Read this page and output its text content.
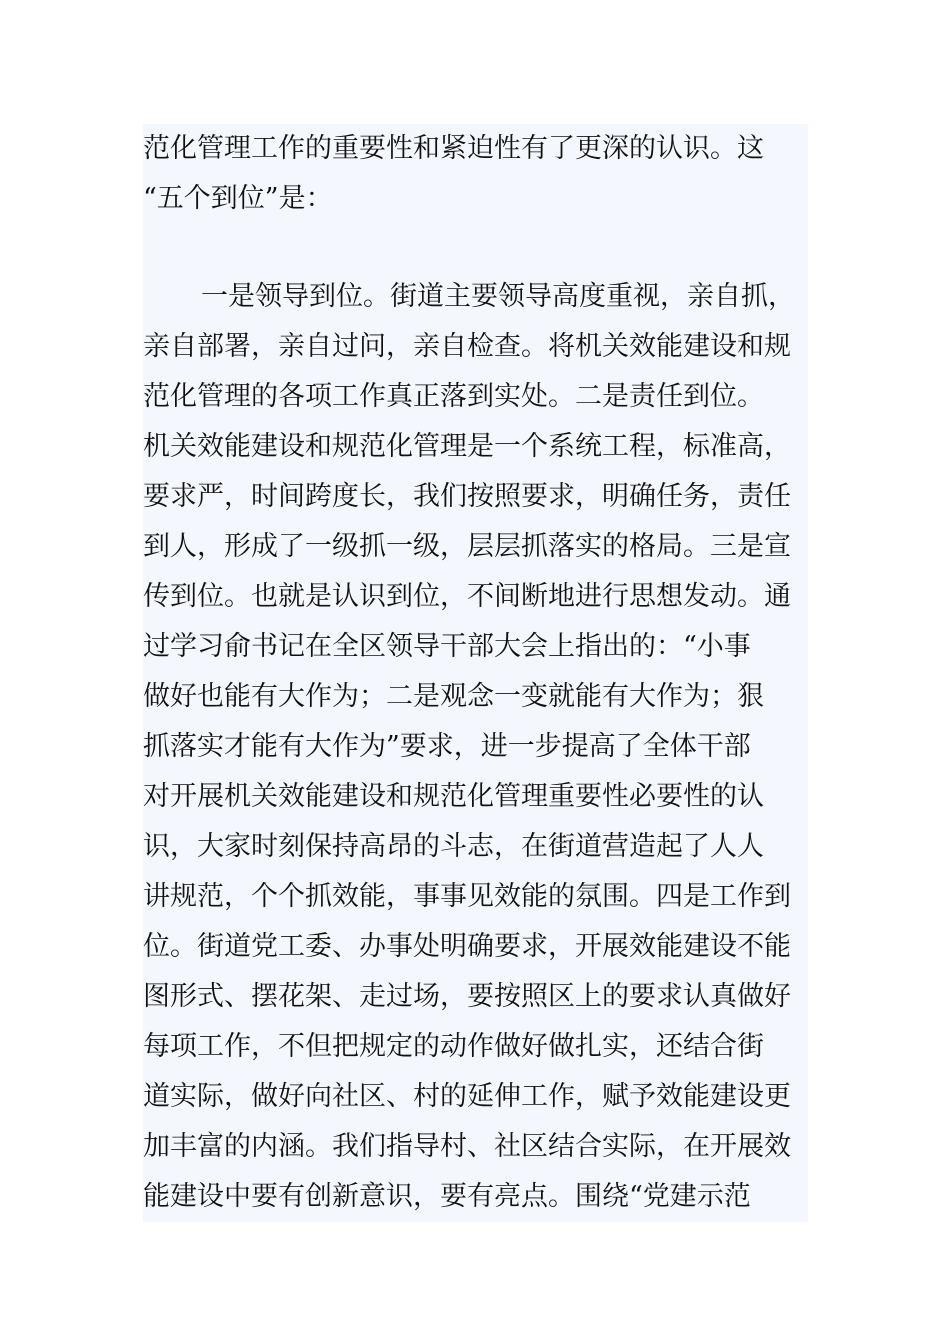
范化管理工作的重要性和紧迫性有了更深的认识。这
“五个到位”是：
一是领导到位。街道主要领导高度重视，亲自抓，
亲自部署，亲自过问，亲自检查。将机关效能建设和规
范化管理的各项工作真正落到实处。二是责任到位。
机关效能建设和规范化管理是一个系统工程，标准高，
要求严，时间跨度长，我们按照要求，明确任务，责任
到人，形成了一级抓一级，层层抓落实的格局。三是宣
传到位。也就是认识到位，不间断地进行思想发动。通
过学习俞书记在全区领导干部大会上指出的：“小事
做好也能有大作为；二是观念一变就能有大作为；狠
抓落实才能有大作为”要求，进一步提高了全体干部
对开展机关效能建设和规范化管理重要性必要性的认
识，大家时刻保持高昂的斗志，在街道营造起了人人
讲规范，个个抓效能，事事见效能的氛围。四是工作到
位。街道党工委、办事处明确要求，开展效能建设不能
图形式、摆花架、走过场，要按照区上的要求认真做好
每项工作，不但把规定的动作做好做扎实，还结合街
道实际，做好向社区、村的延伸工作，赋予效能建设更
加丰富的内涵。我们指导村、社区结合实际，在开展效
能建设中要有创新意识，要有亮点。围绕“党建示范
